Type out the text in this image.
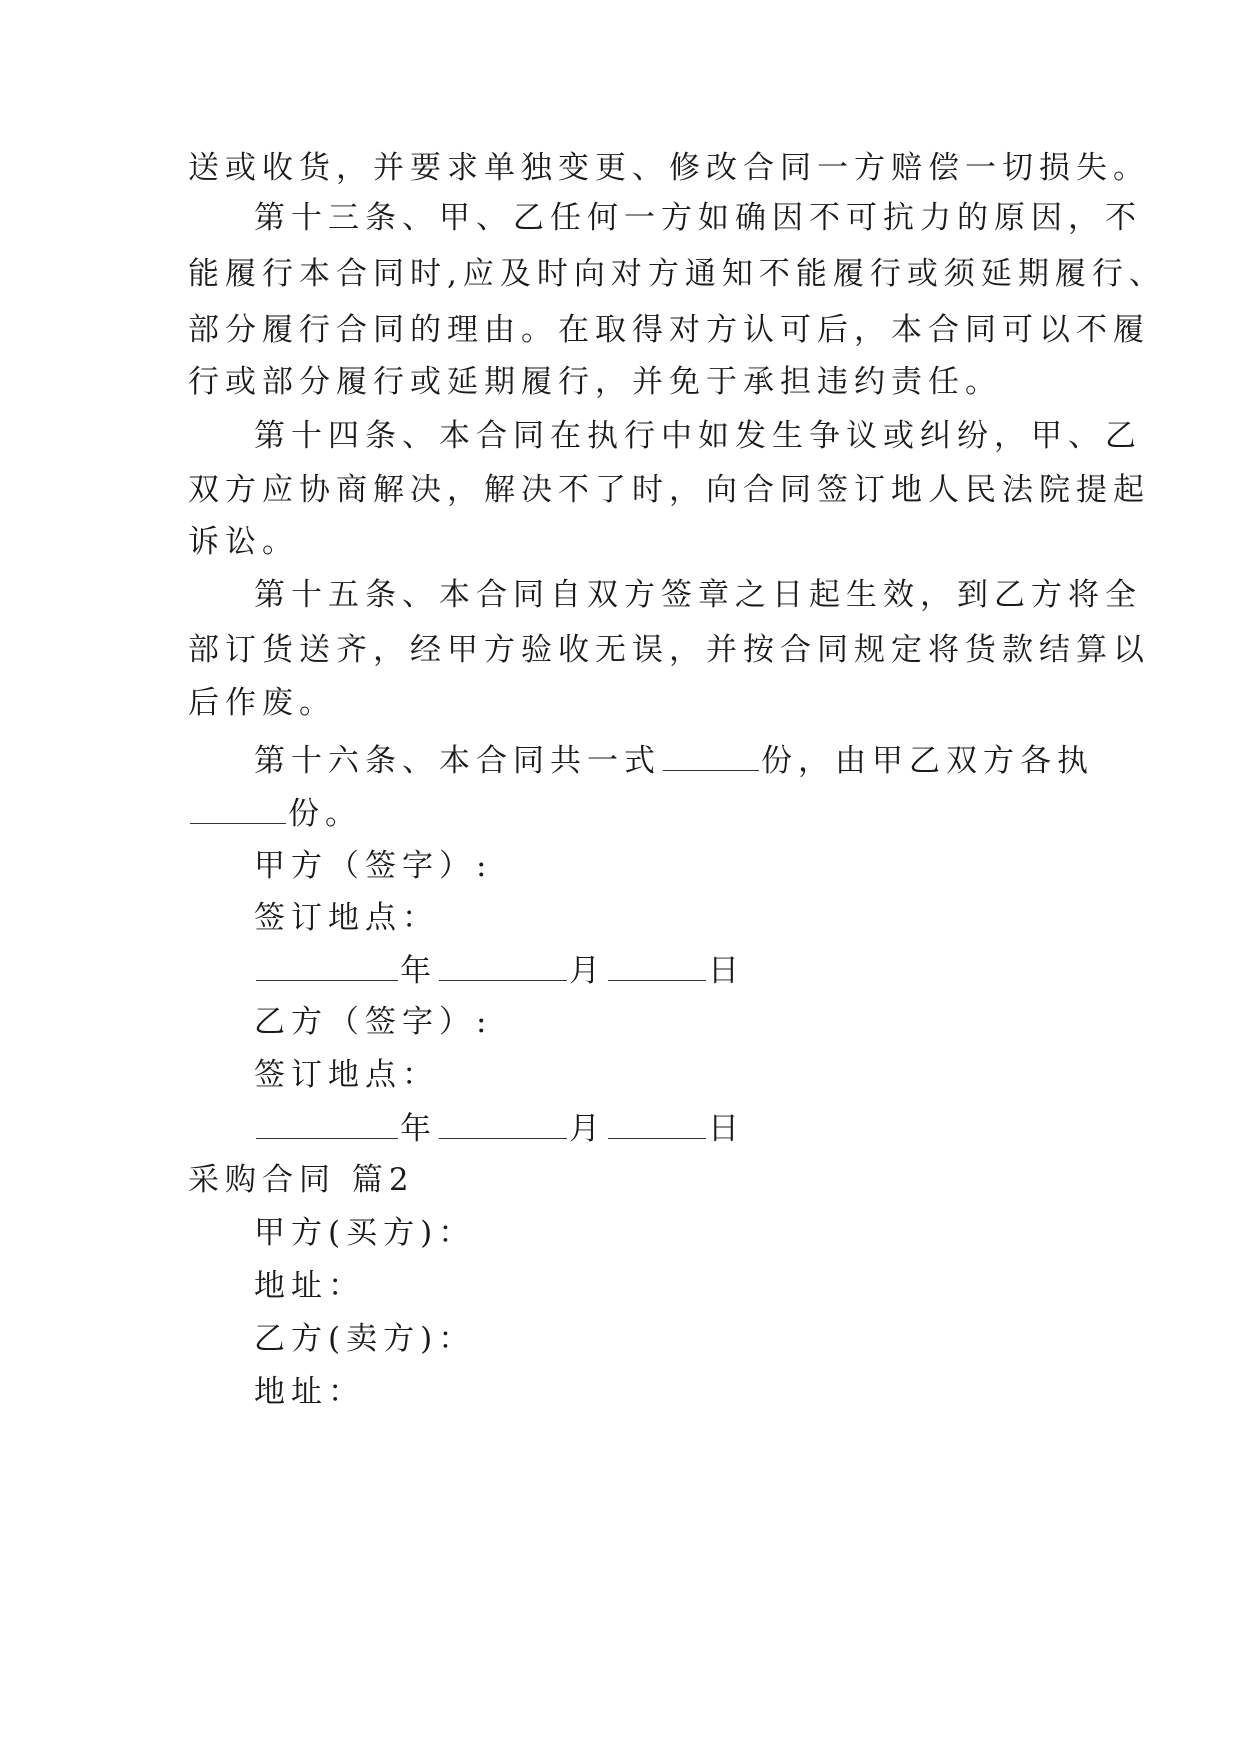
送或收货，并要求单独变更、修改合同一方赔偿一切损失。
第十三条、甲、乙任何一方如确因不可抗力的原因，不
能履行本合同时,应及时向对方通知不能履行或须延期履行、
部分履行合同的理由。在取得对方认可后，本合同可以不履
行或部分履行或延期履行，并免于承担违约责任。
第十四条、本合同在执行中如发生争议或纠纷，甲、乙
双方应协商解决，解决不了时，向合同签订地人民法院提起
诉讼。
第十五条、本合同自双方签章之日起生效，到乙方将全
部订货送齐，经甲方验收无误，并按合同规定将货款结算以
后作废。
第十六条、本合同共一式	份，由甲乙双方各执
份。
甲方（签字）:
签订地点：
年	月	日
乙方（签字）:
签订地点：
年	月	日
采购合同 篇2
甲方(买方)：
地址：
乙方(卖方)：
地址：
